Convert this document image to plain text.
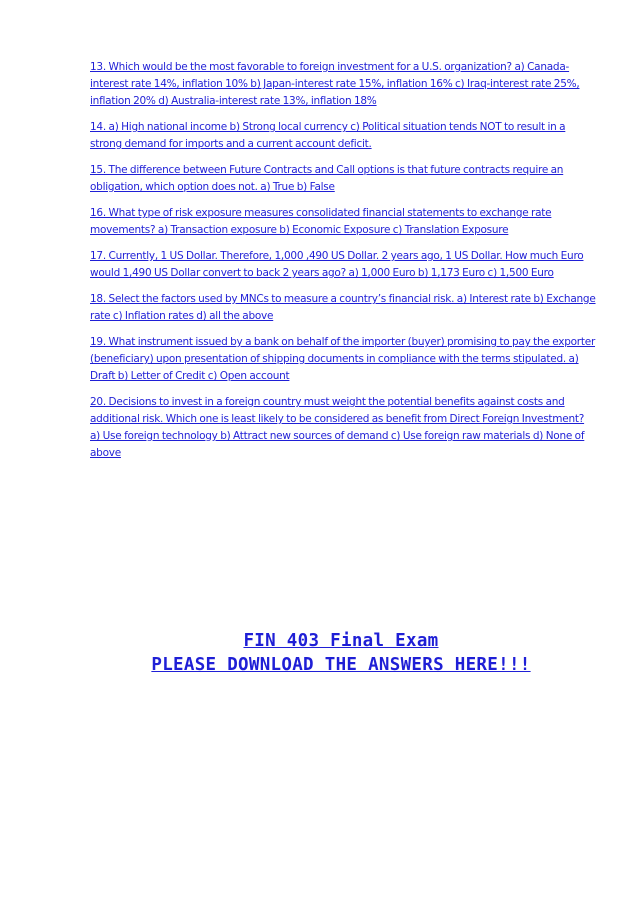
13. Which would be the most favorable to foreign investment for a U.S. organization? a) Canada-interest rate 14%, inflation 10% b) Japan-interest rate 15%, inflation 16% c) Iraq-interest rate 25%, inflation 20% d) Australia-interest rate 13%, inflation 18%
14. a) High national income b) Strong local currency c) Political situation tends NOT to result in a strong demand for imports and a current account deficit.
15. The difference between Future Contracts and Call options is that future contracts require an obligation, which option does not. a) True b) False
16. What type of risk exposure measures consolidated financial statements to exchange rate movements? a) Transaction exposure b) Economic Exposure c) Translation Exposure
17. Currently, 1 US Dollar. Therefore, 1,000 ,490 US Dollar. 2 years ago, 1 US Dollar. How much Euro would 1,490 US Dollar convert to back 2 years ago? a) 1,000 Euro b) 1,173 Euro c) 1,500 Euro
18. Select the factors used by MNCs to measure a country’s financial risk. a) Interest rate b) Exchange rate c) Inflation rates d) all the above
19. What instrument issued by a bank on behalf of the importer (buyer) promising to pay the exporter (beneficiary) upon presentation of shipping documents in compliance with the terms stipulated. a) Draft b) Letter of Credit c) Open account
20. Decisions to invest in a foreign country must weight the potential benefits against costs and additional risk. Which one is least likely to be considered as benefit from Direct Foreign Investment? a) Use foreign technology b) Attract new sources of demand c) Use foreign raw materials d) None of above
FIN 403 Final Exam
PLEASE DOWNLOAD THE ANSWERS HERE!!!
